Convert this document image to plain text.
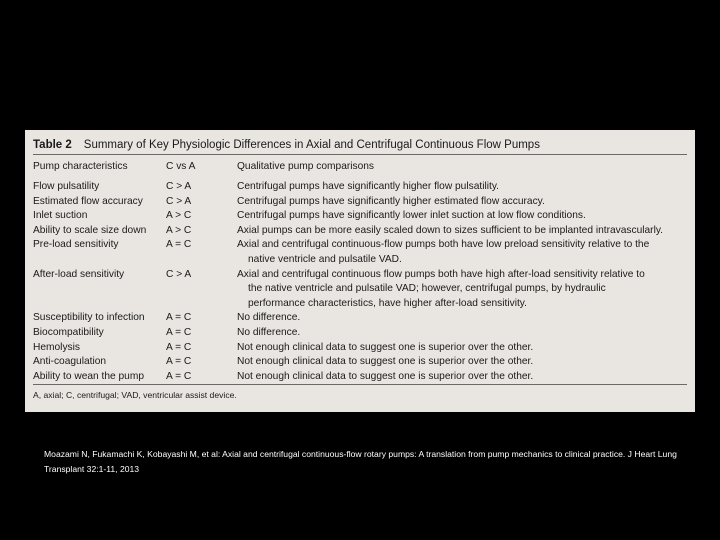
Table 2 Summary of Key Physiologic Differences in Axial and Centrifugal Continuous Flow Pumps
Pump characteristics	C vs A	Qualitative pump comparisons
Flow pulsatility	C > A	Centrifugal pumps have significantly higher flow pulsatility.

Estimated flow accuracy	C > A	Centrifugal pumps have significantly higher estimated flow accuracy.

Inlet suction	A > C	Centrifugal pumps have significantly lower inlet suction at low flow conditions.

Ability to scale size down	A > C	Axial pumps can be more easily scaled down to sizes sufficient to be implanted intravascularly.

Pre-load sensitivity	A = C	Axial and centrifugal continuous-flow pumps both have low preload sensitivity relative to the
native ventricle and pulsatile VAD.

After-load sensitivity	C > A	Axial and centrifugal continuous flow pumps both have high after-load sensitivity relative to
the native ventricle and pulsatile VAD; however, centrifugal pumps, by hydraulic
performance characteristics, have higher after-load sensitivity.

Susceptibility to infection	A = C	No difference.

Biocompatibility	A = C	No difference.

Hemolysis	A = C	Not enough clinical data to suggest one is superior over the other.

Anti-coagulation	A = C	Not enough clinical data to suggest one is superior over the other.

Ability to wean the pump	A = C	Not enough clinical data to suggest one is superior over the other.
A, axial; C, centrifugal; VAD, ventricular assist device.
Moazami N, Fukamachi K, Kobayashi M, et al: Axial and centrifugal continuous-flow rotary pumps: A translation from pump mechanics to clinical practice. J Heart Lung Transplant 32:1-11, 2013
